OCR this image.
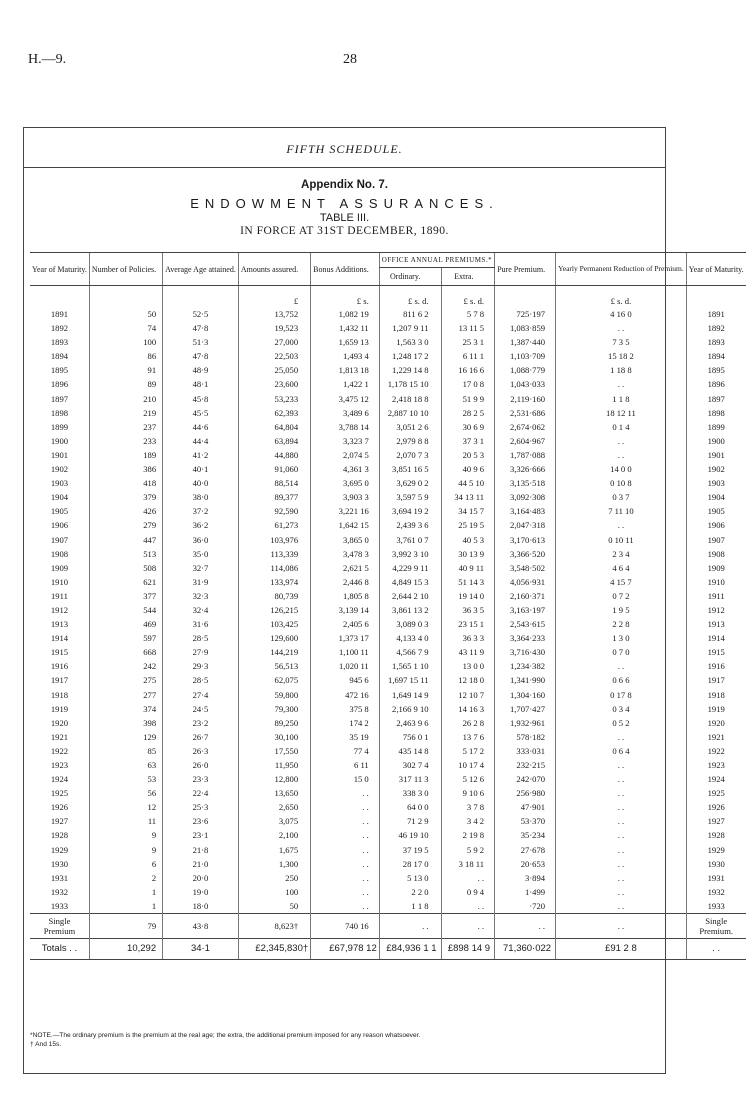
H.—9.	28
FIFTH SCHEDULE.
Appendix No. 7.
ENDOWMENT ASSURANCES.
TABLE III.
IN FORCE AT 31ST DECEMBER, 1890.
Year of Maturity.	Number of Policies.	Average Age attained.	Amounts assured.	Bonus Additions.	OFFICE ANNUAL PREMIUMS.*		Pure Premium.	Yearly Permanent Reduction of Premium.	Year of Maturity.
					Ordinary.	Extra.			
			£	£ s.	£ s. d.	£ s. d.		£ s. d.	
1891	50	52·5	13,752	1,082 19	811 6 2	5 7 8	725·197	4 16 0	1891
1892	74	47·8	19,523	1,432 11	1,207 9 11	13 11 5	1,083·859	. .	1892
1893	100	51·3	27,000	1,659 13	1,563 3 0	25 3 1	1,387·440	7 3 5	1893
1894	86	47·8	22,503	1,493 4	1,248 17 2	6 11 1	1,103·709	15 18 2	1894
1895	91	48·9	25,050	1,813 18	1,229 14 8	16 16 6	1,088·779	1 18 8	1895
1896	89	48·1	23,600	1,422 1	1,178 15 10	17 0 8	1,043·033	. .	1896
1897	210	45·8	53,233	3,475 12	2,418 18 8	51 9 9	2,119·160	1 1 8	1897
1898	219	45·5	62,393	3,489 6	2,887 10 10	28 2 5	2,531·686	18 12 11	1898
1899	237	44·6	64,804	3,788 14	3,051 2 6	30 6 9	2,674·062	0 1 4	1899
1900	233	44·4	63,894	3,323 7	2,979 8 8	37 3 1	2,604·967	. .	1900
1901	189	41·2	44,880	2,074 5	2,070 7 3	20 5 3	1,787·088	. .	1901
1902	386	40·1	91,060	4,361 3	3,851 16 5	40 9 6	3,326·666	14 0 0	1902
1903	418	40·0	88,514	3,695 0	3,629 0 2	44 5 10	3,135·518	0 10 8	1903
1904	379	38·0	89,377	3,903 3	3,597 5 9	34 13 11	3,092·308	0 3 7	1904
1905	426	37·2	92,590	3,221 16	3,694 19 2	34 15 7	3,164·483	7 11 10	1905
1906	279	36·2	61,273	1,642 15	2,439 3 6	25 19 5	2,047·318	. .	1906
1907	447	36·0	103,976	3,865 0	3,761 0 7	40 5 3	3,170·613	0 10 11	1907
1908	513	35·0	113,339	3,478 3	3,992 3 10	30 13 9	3,366·520	2 3 4	1908
1909	508	32·7	114,086	2,621 5	4,229 9 11	40 9 11	3,548·502	4 6 4	1909
1910	621	31·9	133,974	2,446 8	4,849 15 3	51 14 3	4,056·931	4 15 7	1910
1911	377	32·3	80,739	1,805 8	2,644 2 10	19 14 0	2,160·371	0 7 2	1911
1912	544	32·4	126,215	3,139 14	3,861 13 2	36 3 5	3,163·197	1 9 5	1912
1913	469	31·6	103,425	2,405 6	3,089 0 3	23 15 1	2,543·615	2 2 8	1913
1914	597	28·5	129,600	1,373 17	4,133 4 0	36 3 3	3,364·233	1 3 0	1914
1915	668	27·9	144,219	1,100 11	4,566 7 9	43 11 9	3,716·430	0 7 0	1915
1916	242	29·3	56,513	1,020 11	1,565 1 10	13 0 0	1,234·382	. .	1916
1917	275	28·5	62,075	945 6	1,697 15 11	12 18 0	1,341·990	0 6 6	1917
1918	277	27·4	59,800	472 16	1,649 14 9	12 10 7	1,304·160	0 17 8	1918
1919	374	24·5	79,300	375 8	2,166 9 10	14 16 3	1,707·427	0 3 4	1919
1920	398	23·2	89,250	174 2	2,463 9 6	26 2 8	1,932·961	0 5 2	1920
1921	129	26·7	30,100	35 19	756 0 1	13 7 6	578·182	. .	1921
1922	85	26·3	17,550	77 4	435 14 8	5 17 2	333·031	0 6 4	1922
1923	63	26·0	11,950	6 11	302 7 4	10 17 4	232·215	. .	1923
1924	53	23·3	12,800	15 0	317 11 3	5 12 6	242·070	. .	1924
1925	56	22·4	13,650	. .	338 3 0	9 10 6	256·980	. .	1925
1926	12	25·3	2,650	. .	64 0 0	3 7 8	47·901	. .	1926
1927	11	23·6	3,075	. .	71 2 9	3 4 2	53·370	. .	1927
1928	9	23·1	2,100	. .	46 19 10	2 19 8	35·234	. .	1928
1929	9	21·8	1,675	. .	37 19 5	5 9 2	27·678	. .	1929
1930	6	21·0	1,300	. .	28 17 0	3 18 11	20·653	. .	1930
1931	2	20·0	250	. .	5 13 0	. .	3·894	. .	1931
1932	1	19·0	100	. .	2 2 0	0 9 4	1·499	. .	1932
1933	1	18·0	50	. .	1 1 8	. .	·720	. .	1933
Single Premium	79	43·8	8,623†	740 16	. .	. .	. .	. .	Single Premium.
Totals . .	10,292	34·1	£2,345,830†	£67,978 12	£84,936 1 1	£898 14 9	71,360·022	£91 2 8	. .
*NOTE.—The ordinary premium is the premium at the real age; the extra, the additional premium imposed for any reason whatsoever.
† And 15s.
